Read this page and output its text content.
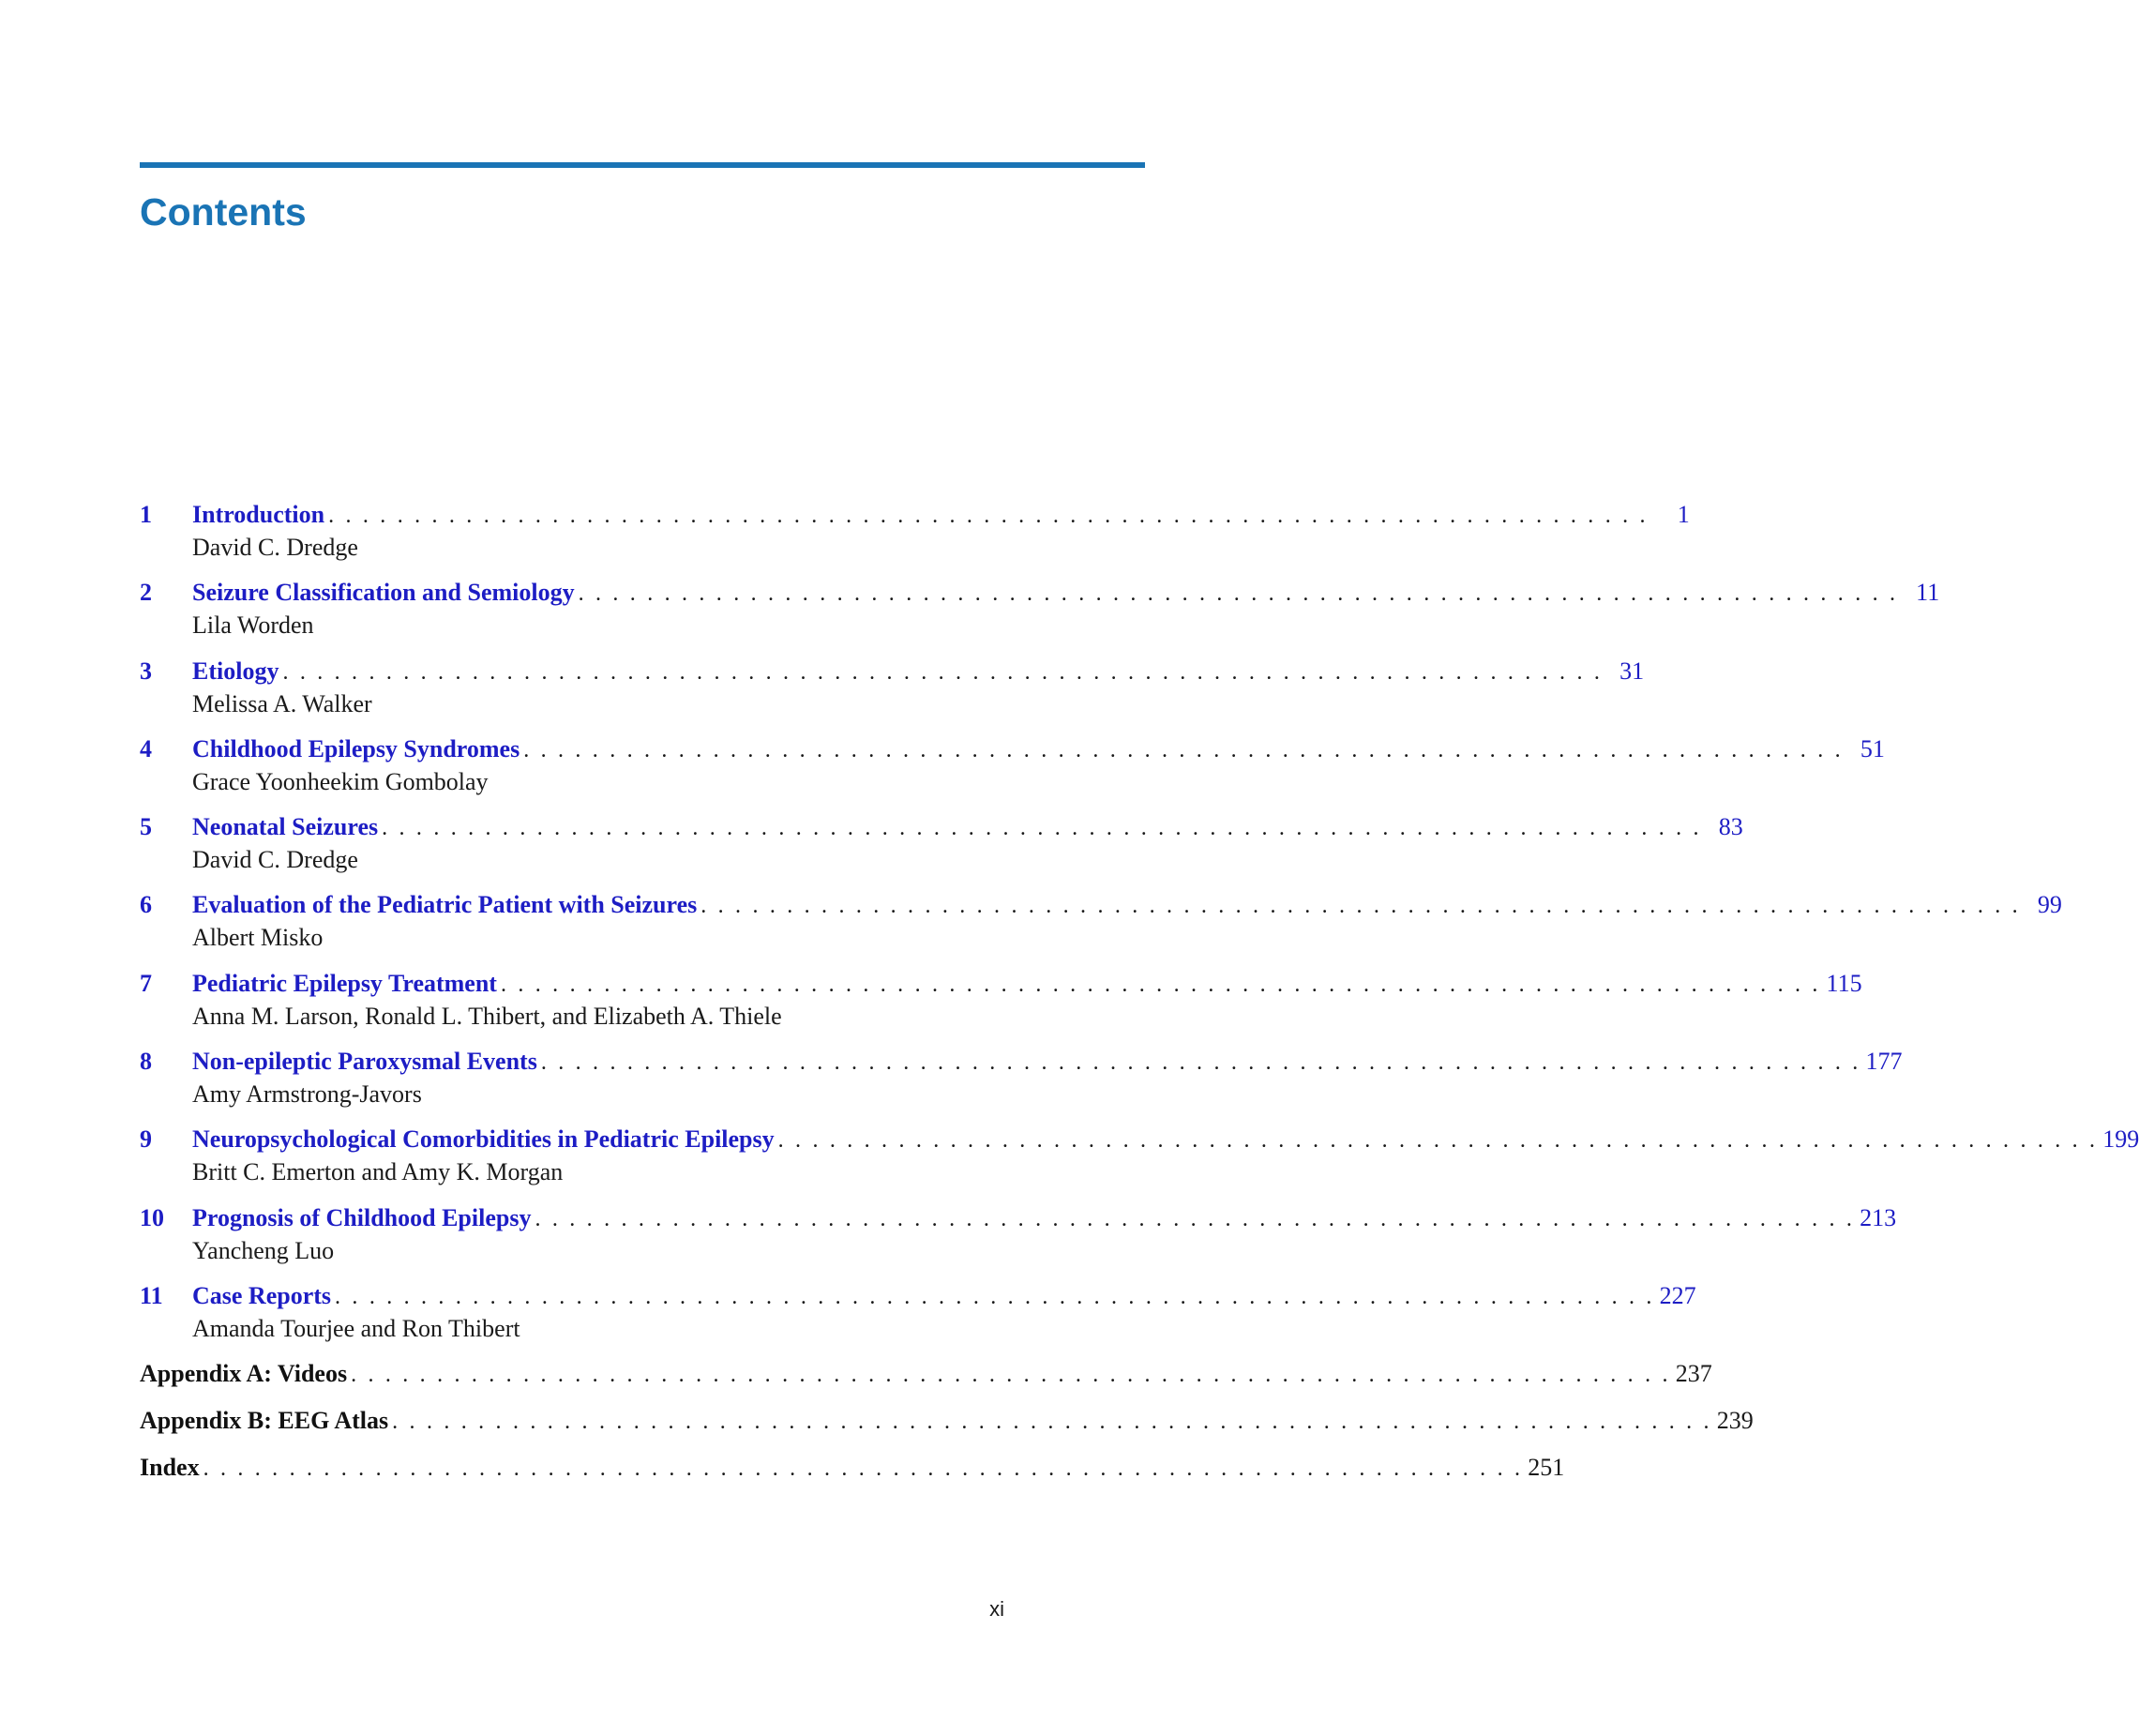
Contents
1	Introduction . . . . . . . . . . . . . . . . . . . . . . . . . . . . . . . . . . . . . . . . . . . . . . . . . . . . . . . . . . . . . . . . . . . . . . . . . . . . .	1
David C. Dredge
2	Seizure Classification and Semiology . . . . . . . . . . . . . . . . . . . . . . . . . . . . . . . . . . . . . . . . . . . . . . . . . . . . . . . . . . . . . . . . . . . . . . . . . . . . . 11
Lila Worden
3	Etiology . . . . . . . . . . . . . . . . . . . . . . . . . . . . . . . . . . . . . . . . . . . . . . . . . . . . . . . . . . . . . . . . . . . . . . . . . . . . . 31
Melissa A. Walker
4	Childhood Epilepsy Syndromes . . . . . . . . . . . . . . . . . . . . . . . . . . . . . . . . . . . . . . . . . . . . . . . . . . . . . . . . . . . . . . . . . . . . . . . . . . . . . 51
Grace Yoonheekim Gombolay
5	Neonatal Seizures . . . . . . . . . . . . . . . . . . . . . . . . . . . . . . . . . . . . . . . . . . . . . . . . . . . . . . . . . . . . . . . . . . . . . . . . . . . . . 83
David C. Dredge
6	Evaluation of the Pediatric Patient with Seizures . . . . . . . . . . . . . . . . . . . . . . . . . . . . . . . . . . . . . . . . . . . . . . . . . . . . . . . . . . . . . . . . . . . . . . . . . . . . . 99
Albert Misko
7	Pediatric Epilepsy Treatment . . . . . . . . . . . . . . . . . . . . . . . . . . . . . . . . . . . . . . . . . . . . . . . . . . . . . . . . . . . . . . . . . . . . . . . . . . . . . 115
Anna M. Larson, Ronald L. Thibert, and Elizabeth A. Thiele
8	Non-epileptic Paroxysmal Events . . . . . . . . . . . . . . . . . . . . . . . . . . . . . . . . . . . . . . . . . . . . . . . . . . . . . . . . . . . . . . . . . . . . . . . . . . . . . 177
Amy Armstrong-Javors
9	Neuropsychological Comorbidities in Pediatric Epilepsy . . . . . . . . . . . . . . . . . . . . . . . . . . . . . . . . . . . . . . . . . . . . . . . . . . . . . . . . . . . . . . . . . . . . . . . . . . . . . 199
Britt C. Emerton and Amy K. Morgan
10	Prognosis of Childhood Epilepsy . . . . . . . . . . . . . . . . . . . . . . . . . . . . . . . . . . . . . . . . . . . . . . . . . . . . . . . . . . . . . . . . . . . . . . . . . . . . . 213
Yancheng Luo
11	Case Reports . . . . . . . . . . . . . . . . . . . . . . . . . . . . . . . . . . . . . . . . . . . . . . . . . . . . . . . . . . . . . . . . . . . . . . . . . . . . . 227
Amanda Tourjee and Ron Thibert
Appendix A: Videos . . . . . . . . . . . . . . . . . . . . . . . . . . . . . . . . . . . . . . . . . . . . . . . . . . . . . . . . . . . . . . . . . . . . . . . . . . . . . 237
Appendix B: EEG Atlas . . . . . . . . . . . . . . . . . . . . . . . . . . . . . . . . . . . . . . . . . . . . . . . . . . . . . . . . . . . . . . . . . . . . . . . . . . . . . 239
Index . . . . . . . . . . . . . . . . . . . . . . . . . . . . . . . . . . . . . . . . . . . . . . . . . . . . . . . . . . . . . . . . . . . . . . . . . . . . . 251
xi
